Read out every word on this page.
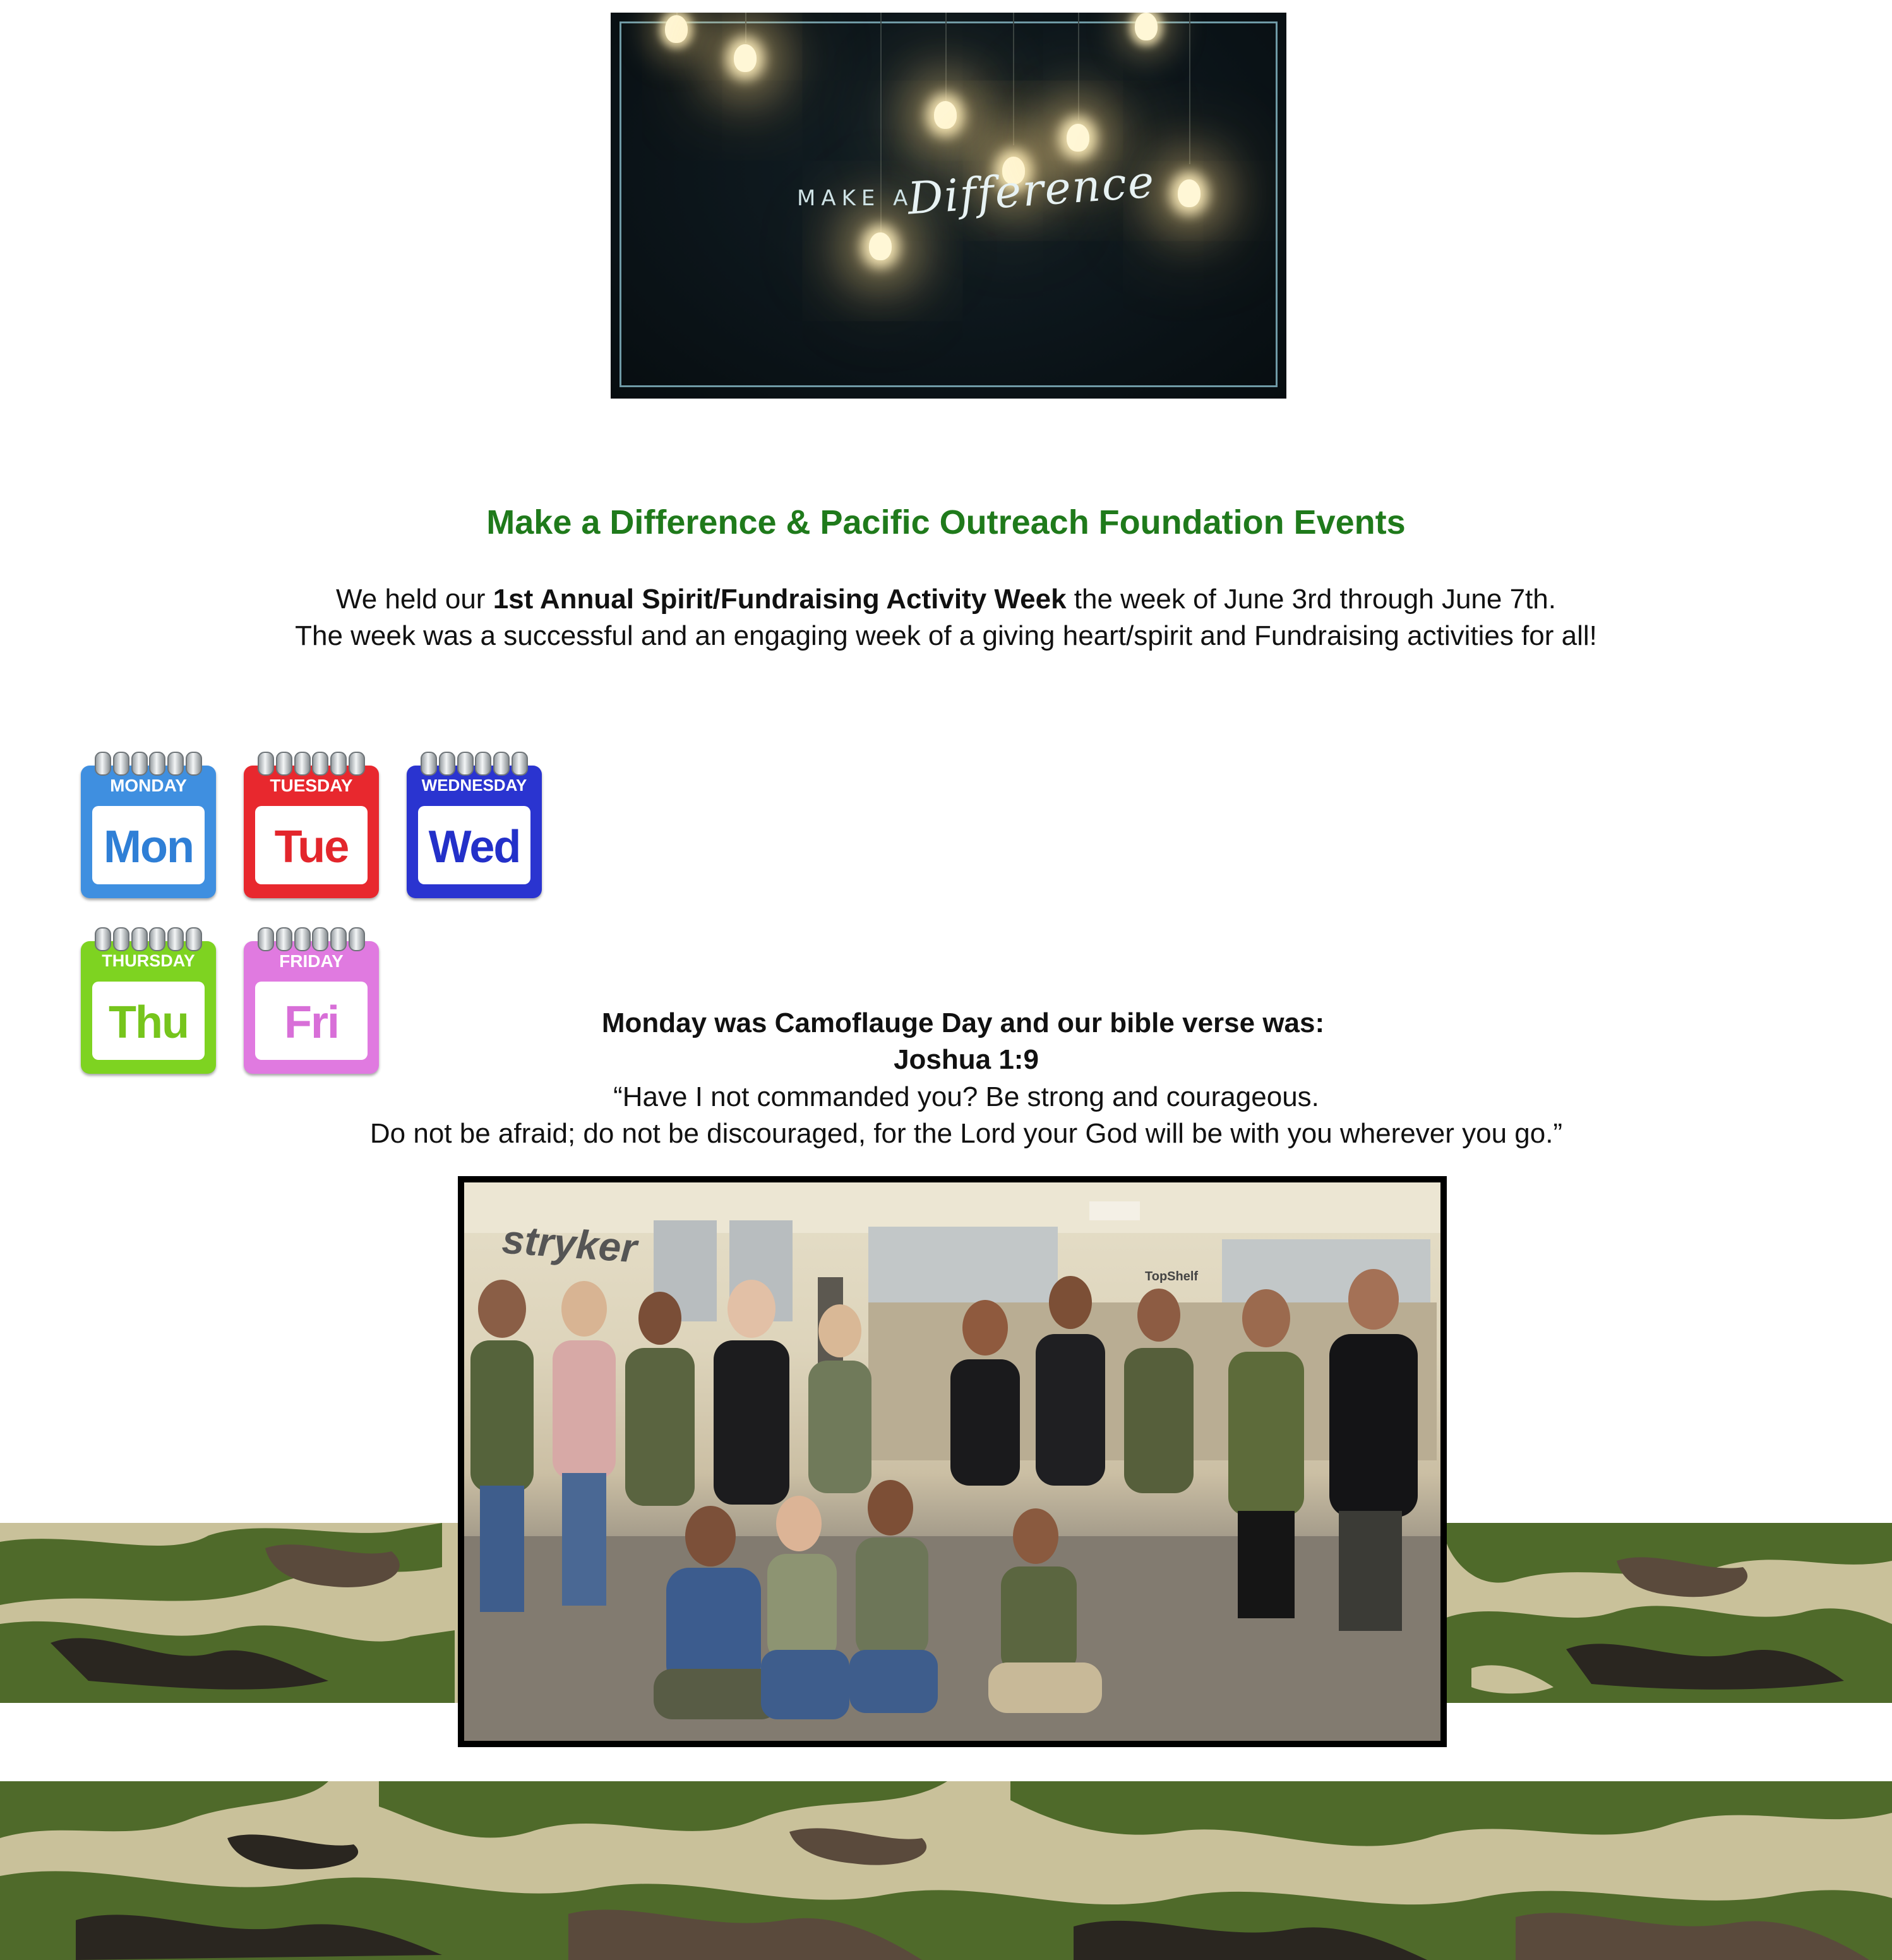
MAKE A
Difference
Make a Difference & Pacific Outreach Foundation Events
We held our 1st Annual Spirit/Fundraising Activity Week the week of June 3rd through June 7th.
The week was a successful and an engaging week of a giving heart/spirit and Fundraising activities for all!
MONDAY
Mon
TUESDAY
Tue
WEDNESDAY
Wed
THURSDAY
Thu
FRIDAY
Fri	Monday was Camoflauge Day and our bible verse was:
Joshua 1:9
“Have I not commanded you? Be strong and courageous.
Do not be afraid; do not be discouraged, for the Lord your God will be with you wherever you go.”
stryker
TopShelf
